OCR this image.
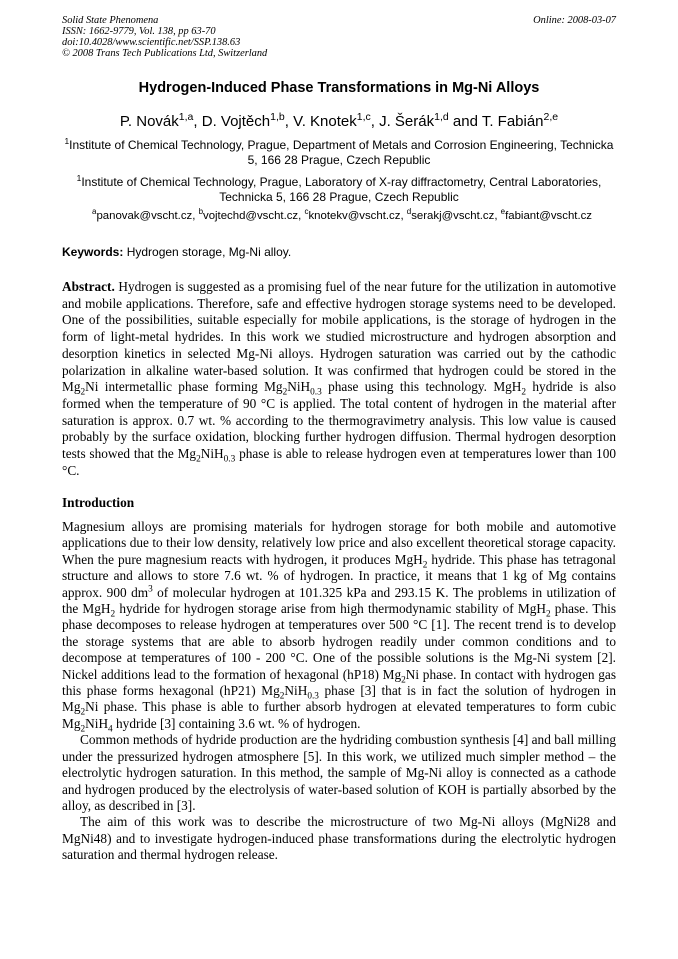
Solid State Phenomena
ISSN: 1662-9779, Vol. 138, pp 63-70
doi:10.4028/www.scientific.net/SSP.138.63
© 2008 Trans Tech Publications Ltd, Switzerland
Online: 2008-03-07
Hydrogen-Induced Phase Transformations in Mg-Ni Alloys
P. Novák$^{1,a}$, D. Vojtěch$^{1,b}$, V. Knotek$^{1,c}$, J. Šerák$^{1,d}$ and T. Fabián$^{2,e}$
$^1$Institute of Chemical Technology, Prague, Department of Metals and Corrosion Engineering, Technicka 5, 166 28 Prague, Czech Republic
$^1$Institute of Chemical Technology, Prague, Laboratory of X-ray diffractometry, Central Laboratories, Technicka 5, 166 28 Prague, Czech Republic
$^a$panovak@vscht.cz, $^b$vojtechd@vscht.cz, $^c$knotekv@vscht.cz, $^d$serakj@vscht.cz, $^e$fabiant@vscht.cz
Keywords: Hydrogen storage, Mg-Ni alloy.
Abstract. Hydrogen is suggested as a promising fuel of the near future for the utilization in automotive and mobile applications. Therefore, safe and effective hydrogen storage systems need to be developed. One of the possibilities, suitable especially for mobile applications, is the storage of hydrogen in the form of light-metal hydrides. In this work we studied microstructure and hydrogen absorption and desorption kinetics in selected Mg-Ni alloys. Hydrogen saturation was carried out by the cathodic polarization in alkaline water-based solution. It was confirmed that hydrogen could be stored in the $Mg_2Ni$ intermetallic phase forming $Mg_2NiH_{0.3}$ phase using this technology. MgH$_2$ hydride is also formed when the temperature of 90 °C is applied. The total content of hydrogen in the material after saturation is approx. 0.7 wt. % according to the thermogravimetry analysis. This low value is caused probably by the surface oxidation, blocking further hydrogen diffusion. Thermal hydrogen desorption tests showed that the $Mg_2NiH_{0.3}$ phase is able to release hydrogen even at temperatures lower than 100 °C.
Introduction

Magnesium alloys are promising materials for hydrogen storage for both mobile and automotive applications due to their low density, relatively low price and also excellent theoretical storage capacity. When the pure magnesium reacts with hydrogen, it produces MgH$_2$ hydride. This phase has tetragonal structure and allows to store 7.6 wt. % of hydrogen. In practice, it means that 1 kg of Mg contains approx. 900 $dm^3$ of molecular hydrogen at 101.325 kPa and 293.15 K. The problems in utilization of the MgH$_2$ hydride for hydrogen storage arise from high thermodynamic stability of MgH$_2$ phase. This phase decomposes to release hydrogen at temperatures over 500 °C [1]. The recent trend is to develop the storage systems that are able to absorb hydrogen readily under common conditions and to decompose at temperatures of 100 - 200 °C. One of the possible solutions is the Mg-Ni system [2]. Nickel additions lead to the formation of hexagonal (hP18) $Mg_2Ni$ phase. In contact with hydrogen gas this phase forms hexagonal (hP21) $Mg_2NiH_{0.3}$ phase [3] that is in fact the solution of hydrogen in $Mg_2Ni$ phase. This phase is able to further absorb hydrogen at elevated temperatures to form cubic $Mg_2NiH_4$ hydride [3] containing 3.6 wt. % of hydrogen.

Common methods of hydride production are the hydriding combustion synthesis [4] and ball milling under the pressurized hydrogen atmosphere [5]. In this work, we utilized much simpler method – the electrolytic hydrogen saturation. In this method, the sample of Mg-Ni alloy is connected as a cathode and hydrogen produced by the electrolysis of water-based solution of KOH is partially absorbed by the alloy, as described in [3].

The aim of this work was to describe the microstructure of two Mg-Ni alloys (MgNi28 and MgNi48) and to investigate hydrogen-induced phase transformations during the electrolytic hydrogen saturation and thermal hydrogen release.
